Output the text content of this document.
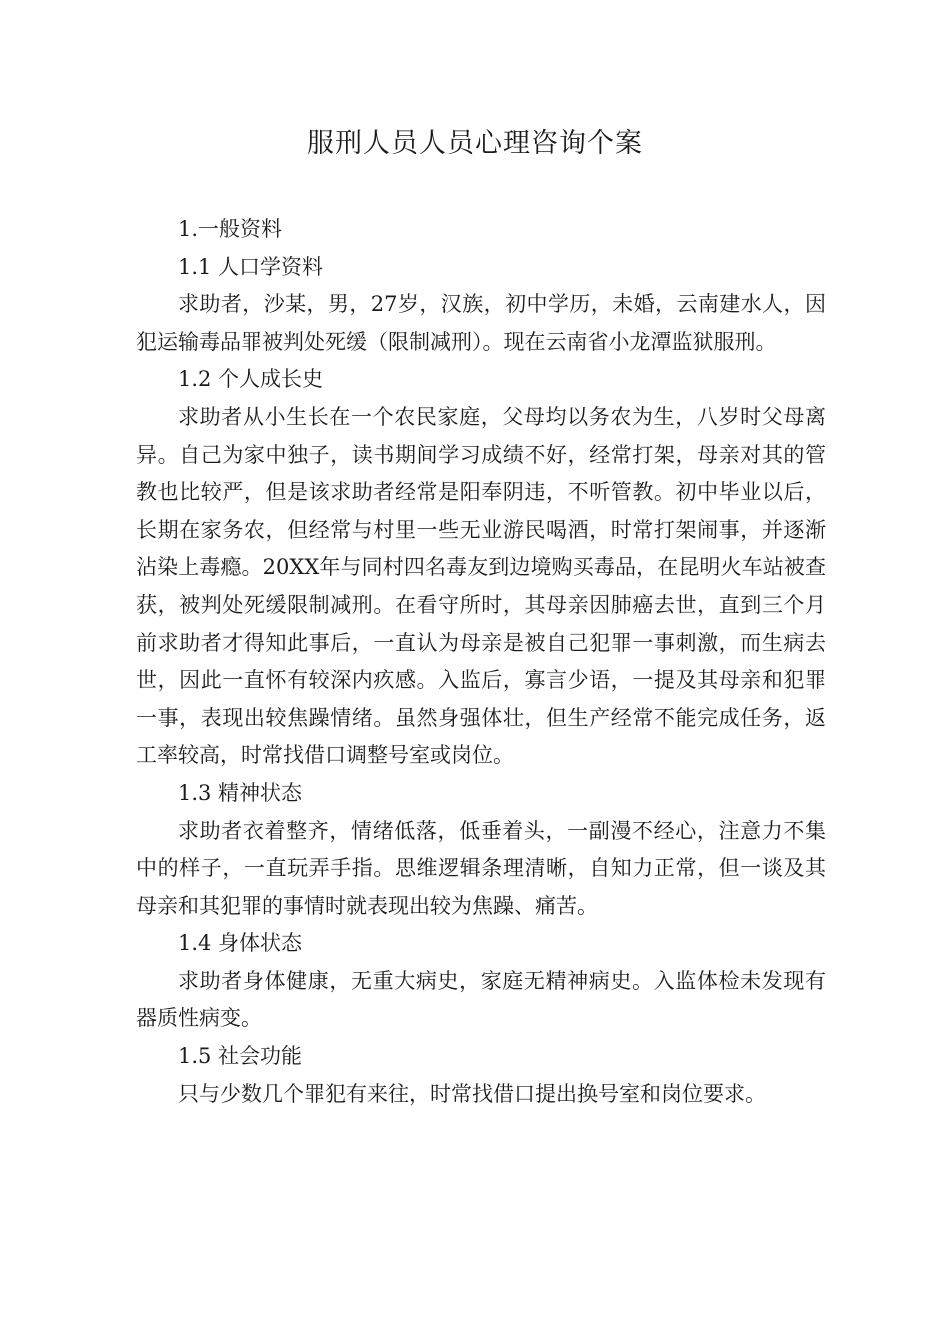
服刑人员人员心理咨询个案
1.一般资料
1.1 人口学资料

求助者，沙某，男，27岁，汉族，初中学历，未婚，云南建水人，因犯运输毒品罪被判处死缓（限制减刑）。现在云南省小龙潭监狱服刑。

1.2 个人成长史

求助者从小生长在一个农民家庭，父母均以务农为生，八岁时父母离异。自己为家中独子，读书期间学习成绩不好，经常打架，母亲对其的管教也比较严，但是该求助者经常是阳奉阴违，不听管教。初中毕业以后，长期在家务农，但经常与村里一些无业游民喝酒，时常打架闹事，并逐渐沾染上毒瘾。20XX年与同村四名毒友到边境购买毒品，在昆明火车站被查获，被判处死缓限制减刑。在看守所时，其母亲因肺癌去世，直到三个月前求助者才得知此事后，一直认为母亲是被自己犯罪一事刺激，而生病去世，因此一直怀有较深内疚感。入监后，寡言少语，一提及其母亲和犯罪一事，表现出较焦躁情绪。虽然身强体壮，但生产经常不能完成任务，返工率较高，时常找借口调整号室或岗位。

1.3 精神状态

求助者衣着整齐，情绪低落，低垂着头，一副漫不经心，注意力不集中的样子，一直玩弄手指。思维逻辑条理清晰，自知力正常，但一谈及其母亲和其犯罪的事情时就表现出较为焦躁、痛苦。

1.4 身体状态

求助者身体健康，无重大病史，家庭无精神病史。入监体检未发现有器质性病变。

1.5 社会功能

只与少数几个罪犯有来往，时常找借口提出换号室和岗位要求。
